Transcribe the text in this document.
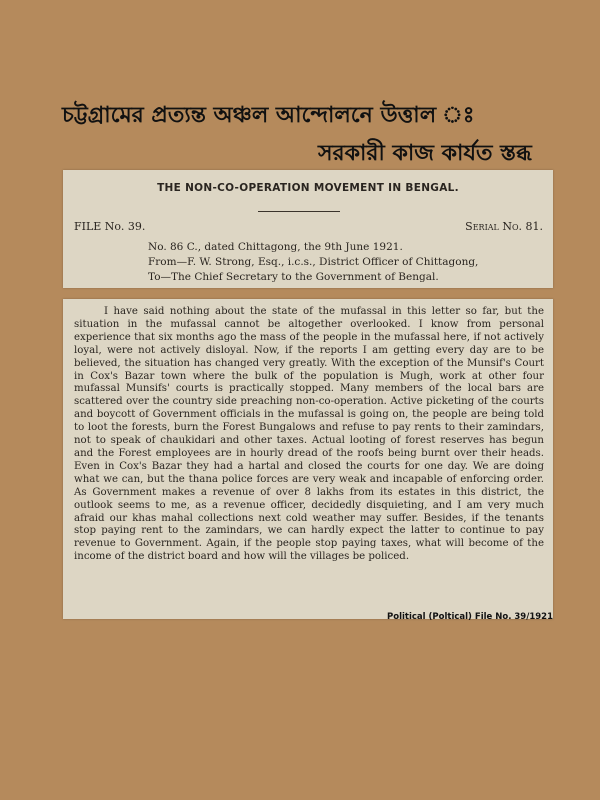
চট্টগ্রামের প্রত্যন্ত অঞ্চল আন্দোলনে উত্তাল ঃ
সরকারী কাজ কার্যত স্তব্ধ
THE NON-CO-OPERATION MOVEMENT IN BENGAL.
FILE No. 39.	Serial No. 81.
No. 86 C., dated Chittagong, the 9th June 1921.
From—F. W. Strong, Esq., i.c.s., District Officer of Chittagong,
To—The Chief Secretary to the Government of Bengal.
I have said nothing about the state of the mufassal in this letter so far, but the situation in the mufassal cannot be altogether overlooked. I know from personal experience that six months ago the mass of the people in the mufassal here, if not actively loyal, were not actively disloyal. Now, if the reports I am getting every day are to be believed, the situation has changed very greatly. With the exception of the Munsif's Court in Cox's Bazar town where the bulk of the population is Mugh, work at other four mufassal Munsifs' courts is practically stopped. Many members of the local bars are scattered over the country side preaching non-co-operation. Active picketing of the courts and boycott of Government officials in the mufassal is going on, the people are being told to loot the forests, burn the Forest Bungalows and refuse to pay rents to their zamindars, not to speak of chaukidari and other taxes. Actual looting of forest reserves has begun and the Forest employees are in hourly dread of the roofs being burnt over their heads. Even in Cox's Bazar they had a hartal and closed the courts for one day. We are doing what we can, but the thana police forces are very weak and incapable of enforcing order. As Government makes a revenue of over 8 lakhs from its estates in this district, the outlook seems to me, as a revenue officer, decidedly disquieting, and I am very much afraid our khas mahal collections next cold weather may suffer. Besides, if the tenants stop paying rent to the zamindars, we can hardly expect the latter to continue to pay revenue to Government. Again, if the people stop paying taxes, what will become of the income of the district board and how will the villages be policed.
Political (Poltical) File No. 39/1921
